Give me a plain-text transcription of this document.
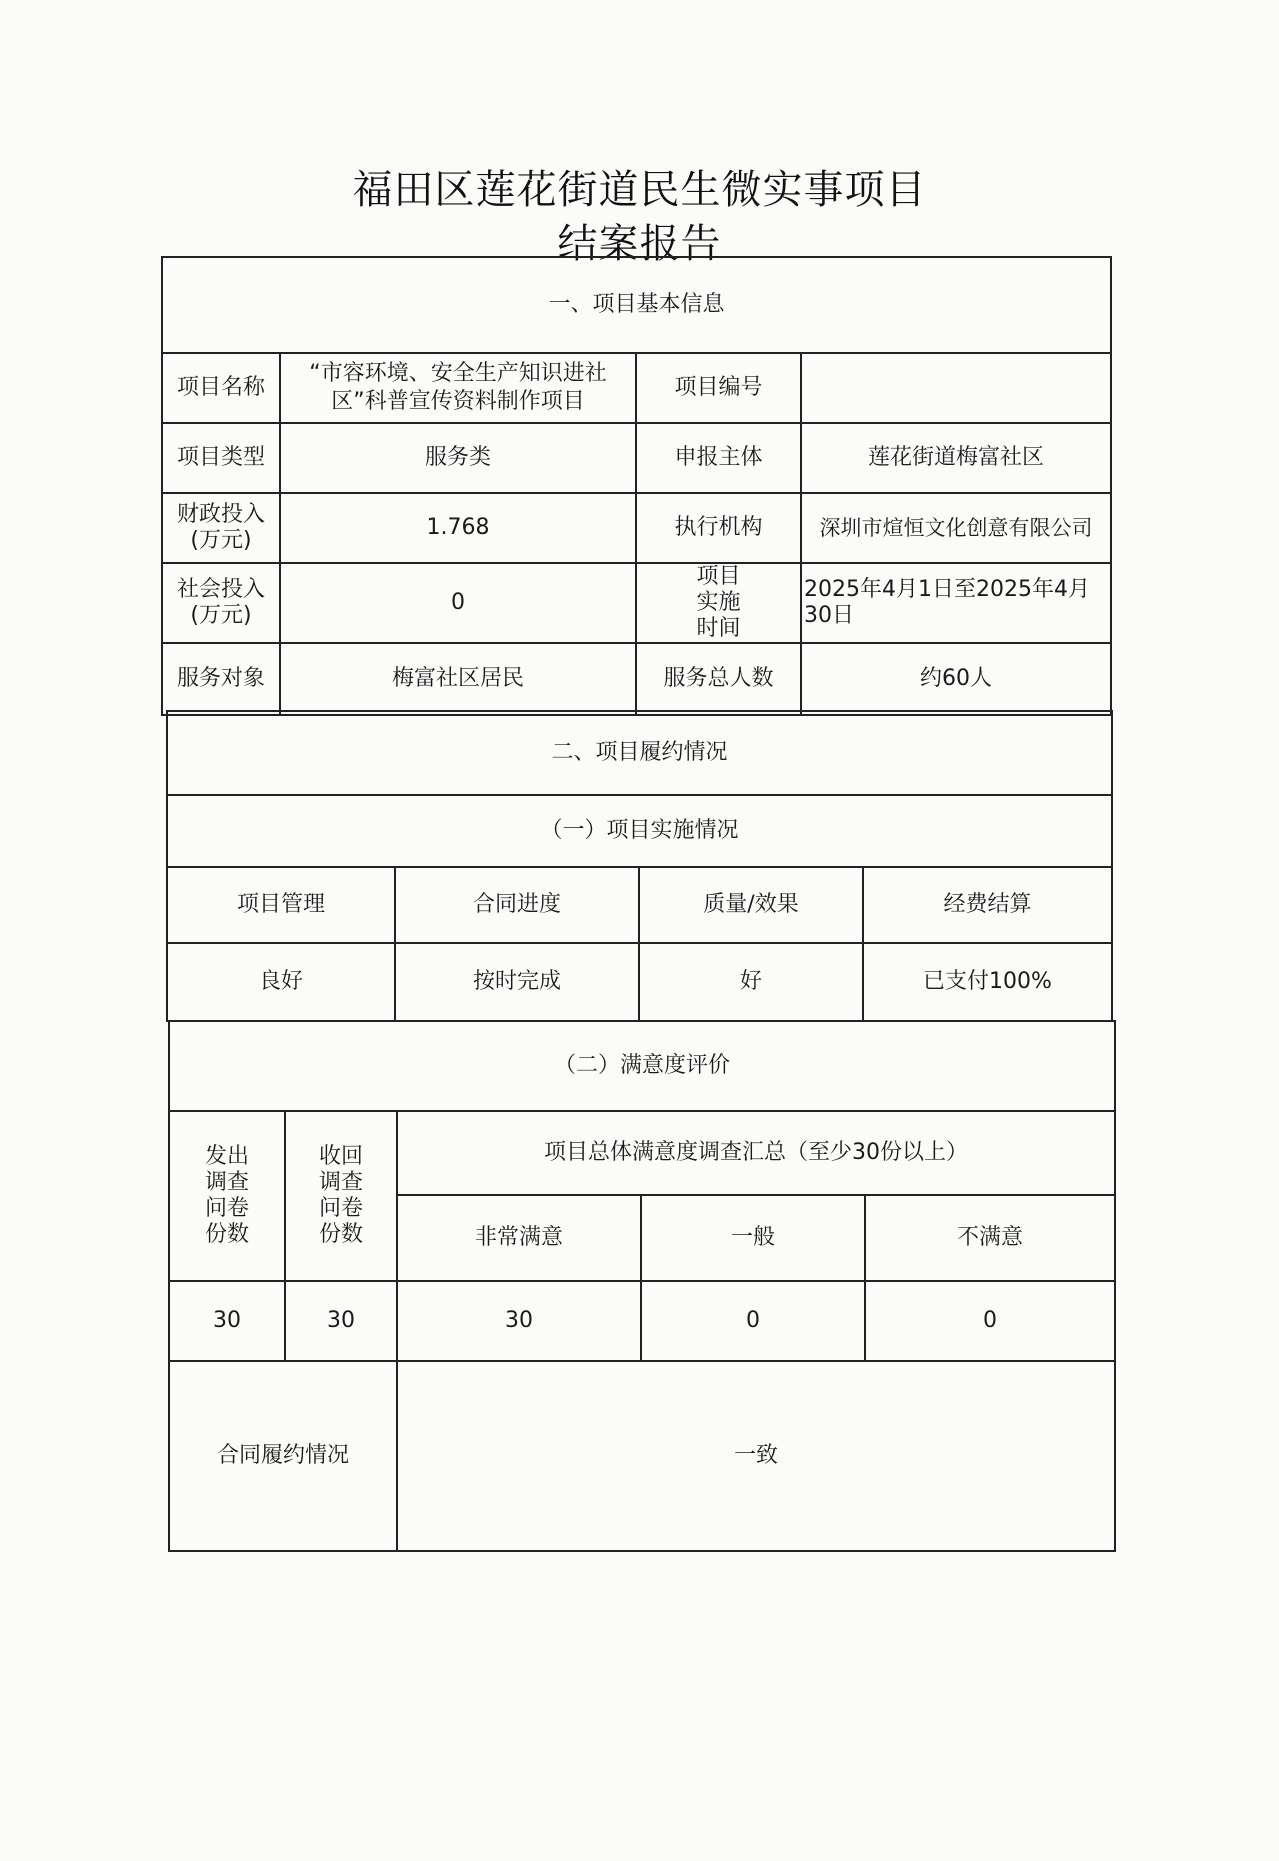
福田区莲花街道民生微实事项目
结案报告
一、项目基本信息			
项目名称	“市容环境、安全生产知识进社区”科普宣传资料制作项目	项目编号	
项目类型	服务类	申报主体	莲花街道梅富社区
财政投入(万元)	1.768	执行机构	深圳市煊恒文化创意有限公司
社会投入(万元)	0	项目实施时间	2025年4月1日至2025年4月30日
服务对象	梅富社区居民	服务总人数	约60人
二、项目履约情况			
（一）项目实施情况			
项目管理	合同进度	质量/效果	经费结算
良好	按时完成	好	已支付100%
（二）满意度评价				
发出调查问卷份数	收回调查问卷份数	项目总体满意度调查汇总（至少30份以上）		
		非常满意	一般	不满意
30	30	30	0	0
合同履约情况		一致		
